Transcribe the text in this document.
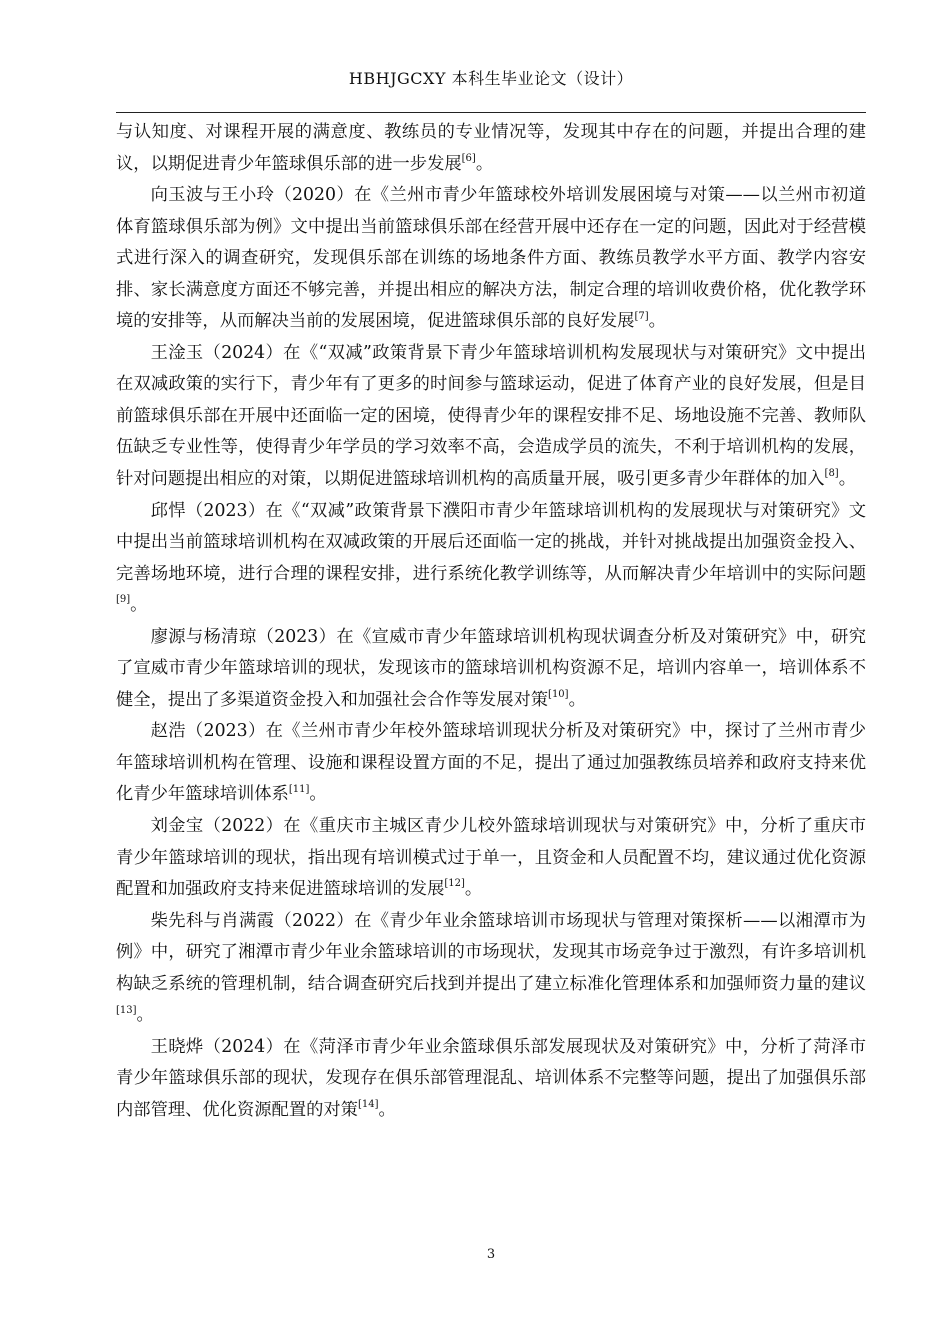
HBHJGCXY 本科生毕业论文（设计）

与认知度、对课程开展的满意度、教练员的专业情况等，发现其中存在的问题，并提出合理的建议，以期促进青少年篮球俱乐部的进一步发展[6]。

向玉波与王小玲（2020）在《兰州市青少年篮球校外培训发展困境与对策——以兰州市初道体育篮球俱乐部为例》文中提出当前篮球俱乐部在经营开展中还存在一定的问题，因此对于经营模式进行深入的调查研究，发现俱乐部在训练的场地条件方面、教练员教学水平方面、教学内容安排、家长满意度方面还不够完善，并提出相应的解决方法，制定合理的培训收费价格，优化教学环境的安排等，从而解决当前的发展困境，促进篮球俱乐部的良好发展[7]。

王淦玉（2024）在《“双减”政策背景下青少年篮球培训机构发展现状与对策研究》文中提出在双减政策的实行下，青少年有了更多的时间参与篮球运动，促进了体育产业的良好发展，但是目前篮球俱乐部在开展中还面临一定的困境，使得青少年的课程安排不足、场地设施不完善、教师队伍缺乏专业性等，使得青少年学员的学习效率不高，会造成学员的流失，不利于培训机构的发展，针对问题提出相应的对策，以期促进篮球培训机构的高质量开展，吸引更多青少年群体的加入[8]。

邱悍（2023）在《“双减”政策背景下濮阳市青少年篮球培训机构的发展现状与对策研究》文中提出当前篮球培训机构在双减政策的开展后还面临一定的挑战，并针对挑战提出加强资金投入、完善场地环境，进行合理的课程安排，进行系统化教学训练等，从而解决青少年培训中的实际问题[9]。

廖源与杨清琼（2023）在《宣威市青少年篮球培训机构现状调查分析及对策研究》中，研究了宣威市青少年篮球培训的现状，发现该市的篮球培训机构资源不足，培训内容单一，培训体系不健全，提出了多渠道资金投入和加强社会合作等发展对策[10]。

赵浩（2023）在《兰州市青少年校外篮球培训现状分析及对策研究》中，探讨了兰州市青少年篮球培训机构在管理、设施和课程设置方面的不足，提出了通过加强教练员培养和政府支持来优化青少年篮球培训体系[11]。

刘金宝（2022）在《重庆市主城区青少儿校外篮球培训现状与对策研究》中，分析了重庆市青少年篮球培训的现状，指出现有培训模式过于单一，且资金和人员配置不均，建议通过优化资源配置和加强政府支持来促进篮球培训的发展[12]。

柴先科与肖满霞（2022）在《青少年业余篮球培训市场现状与管理对策探析——以湘潭市为例》中，研究了湘潭市青少年业余篮球培训的市场现状，发现其市场竞争过于激烈，有许多培训机构缺乏系统的管理机制，结合调查研究后找到并提出了建立标准化管理体系和加强师资力量的建议[13]。

王晓烨（2024）在《菏泽市青少年业余篮球俱乐部发展现状及对策研究》中，分析了菏泽市青少年篮球俱乐部的现状，发现存在俱乐部管理混乱、培训体系不完整等问题，提出了加强俱乐部内部管理、优化资源配置的对策[14]。

3
